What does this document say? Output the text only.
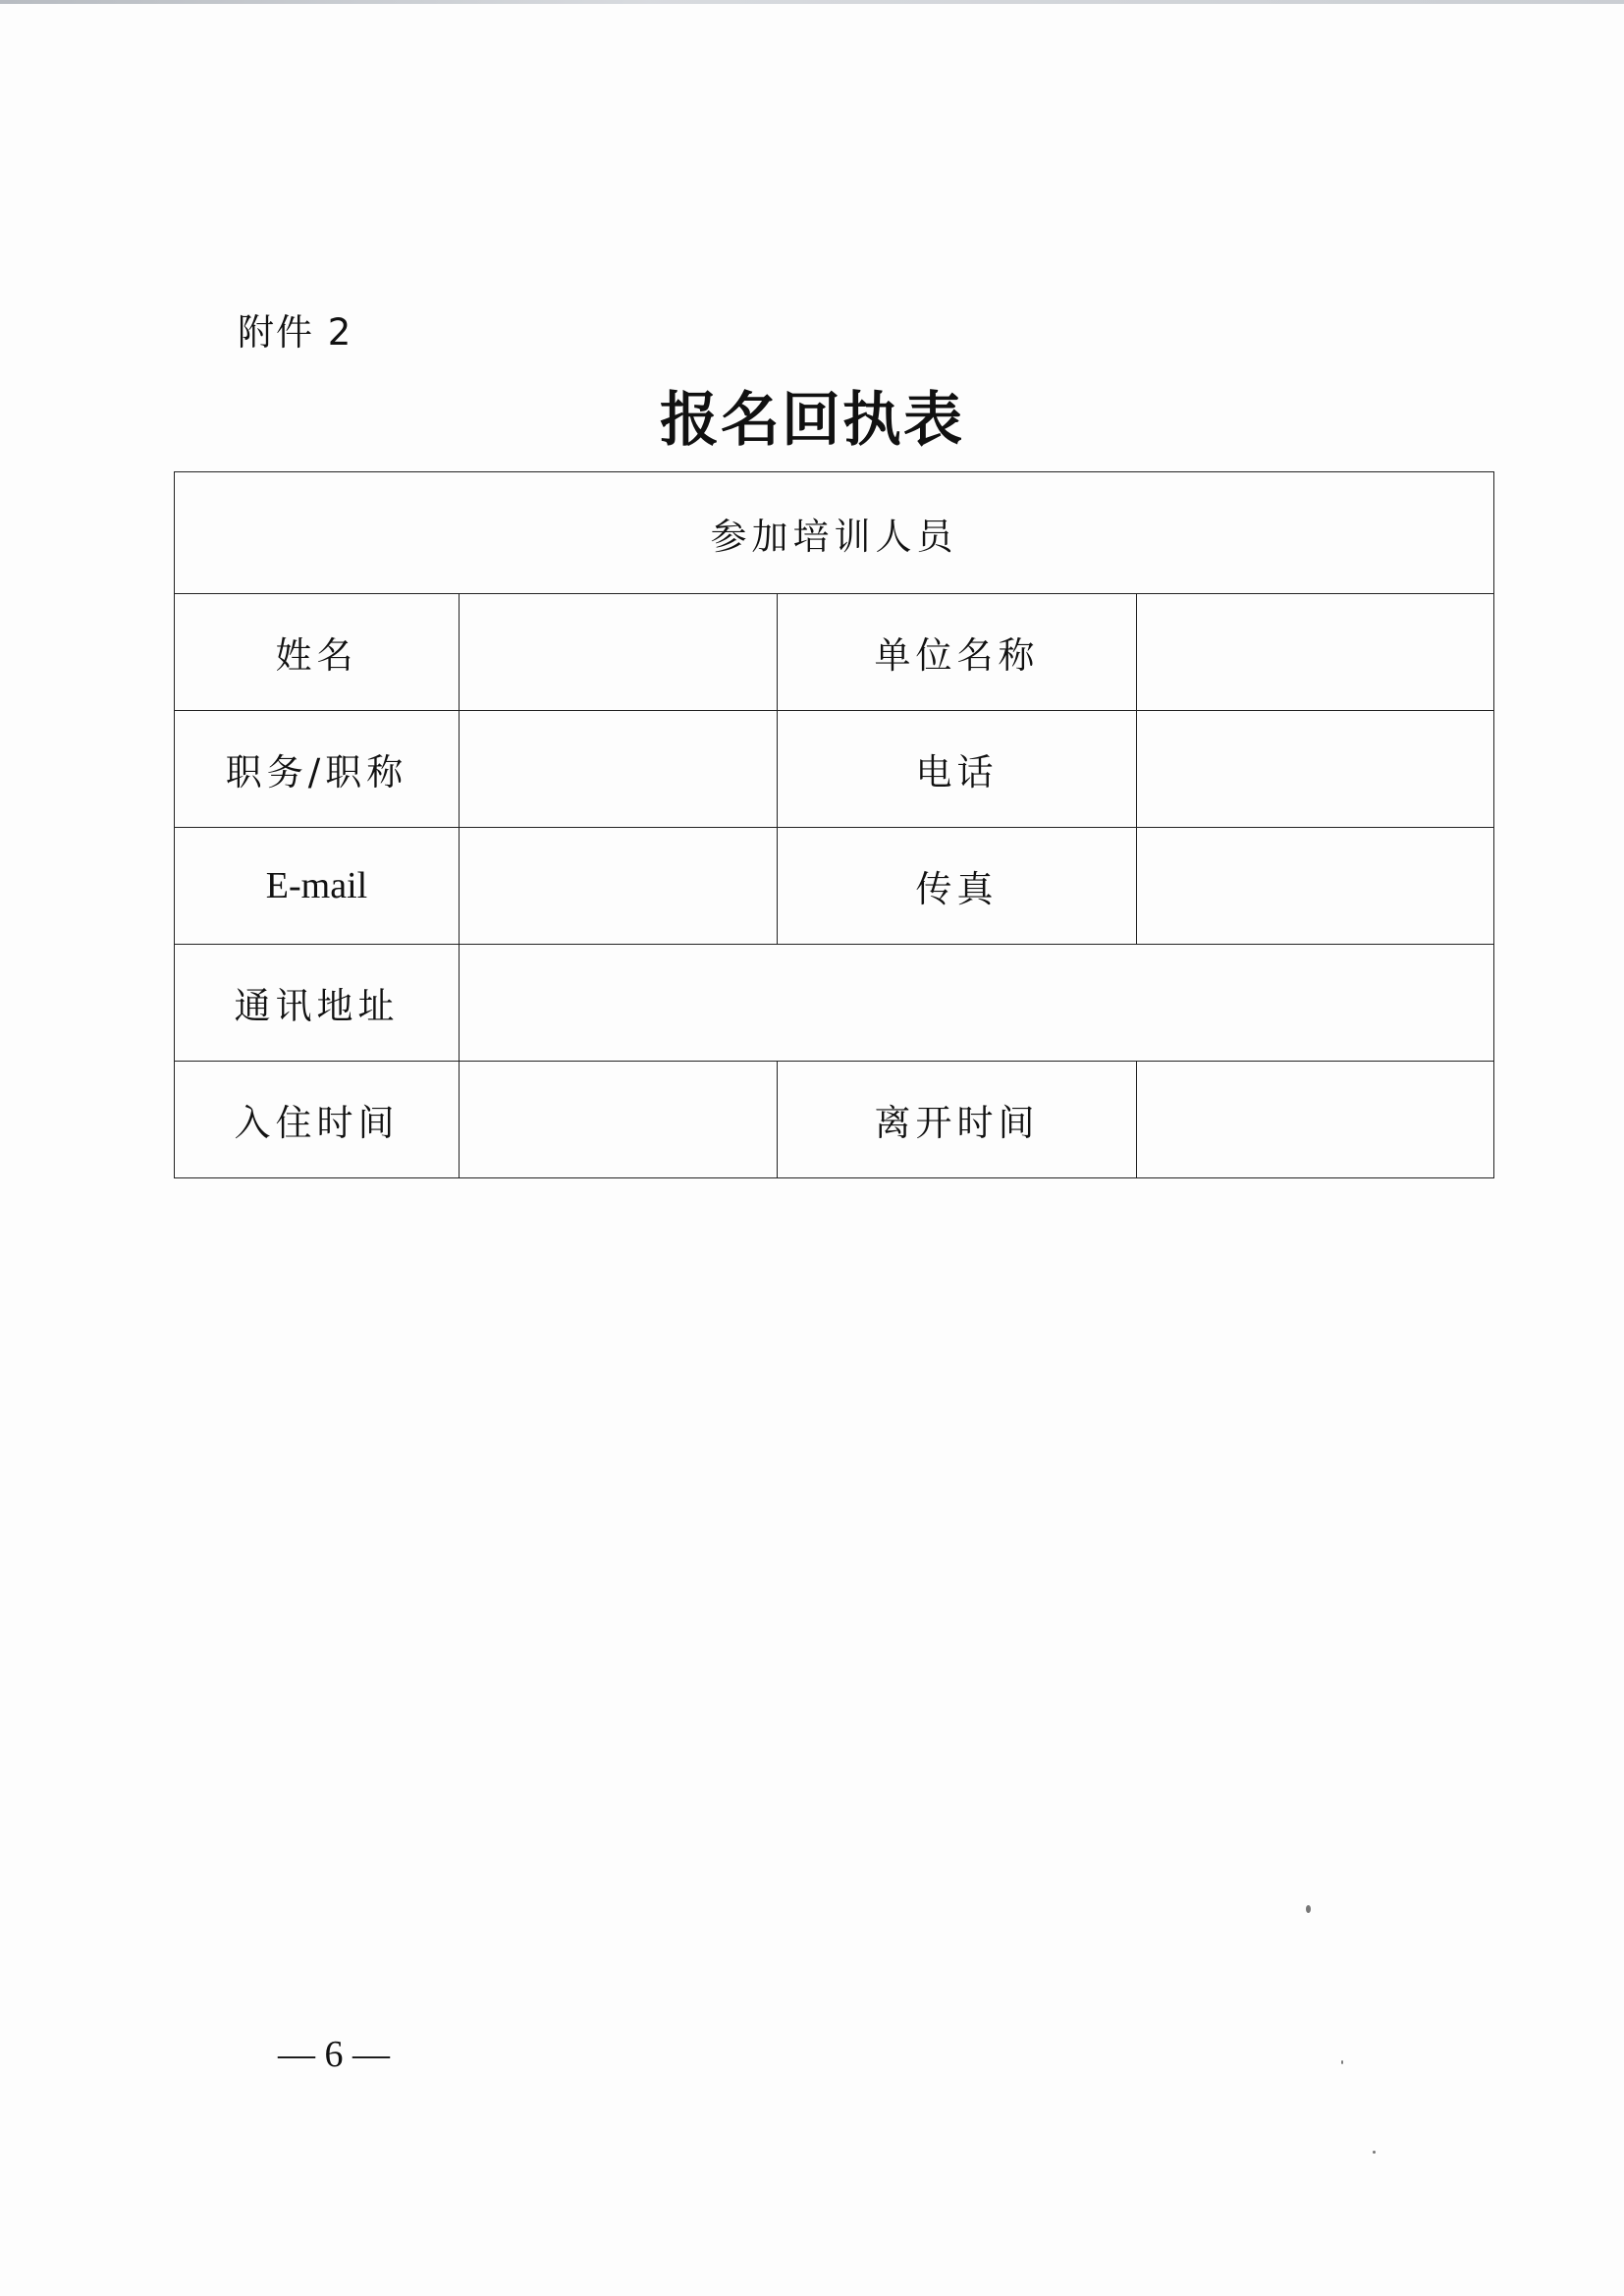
附件 2
报名回执表
参加培训人员			
姓名		单位名称	
职务/职称		电话	
E-mail		传真	
通讯地址			
入住时间		离开时间	
— 6 —
